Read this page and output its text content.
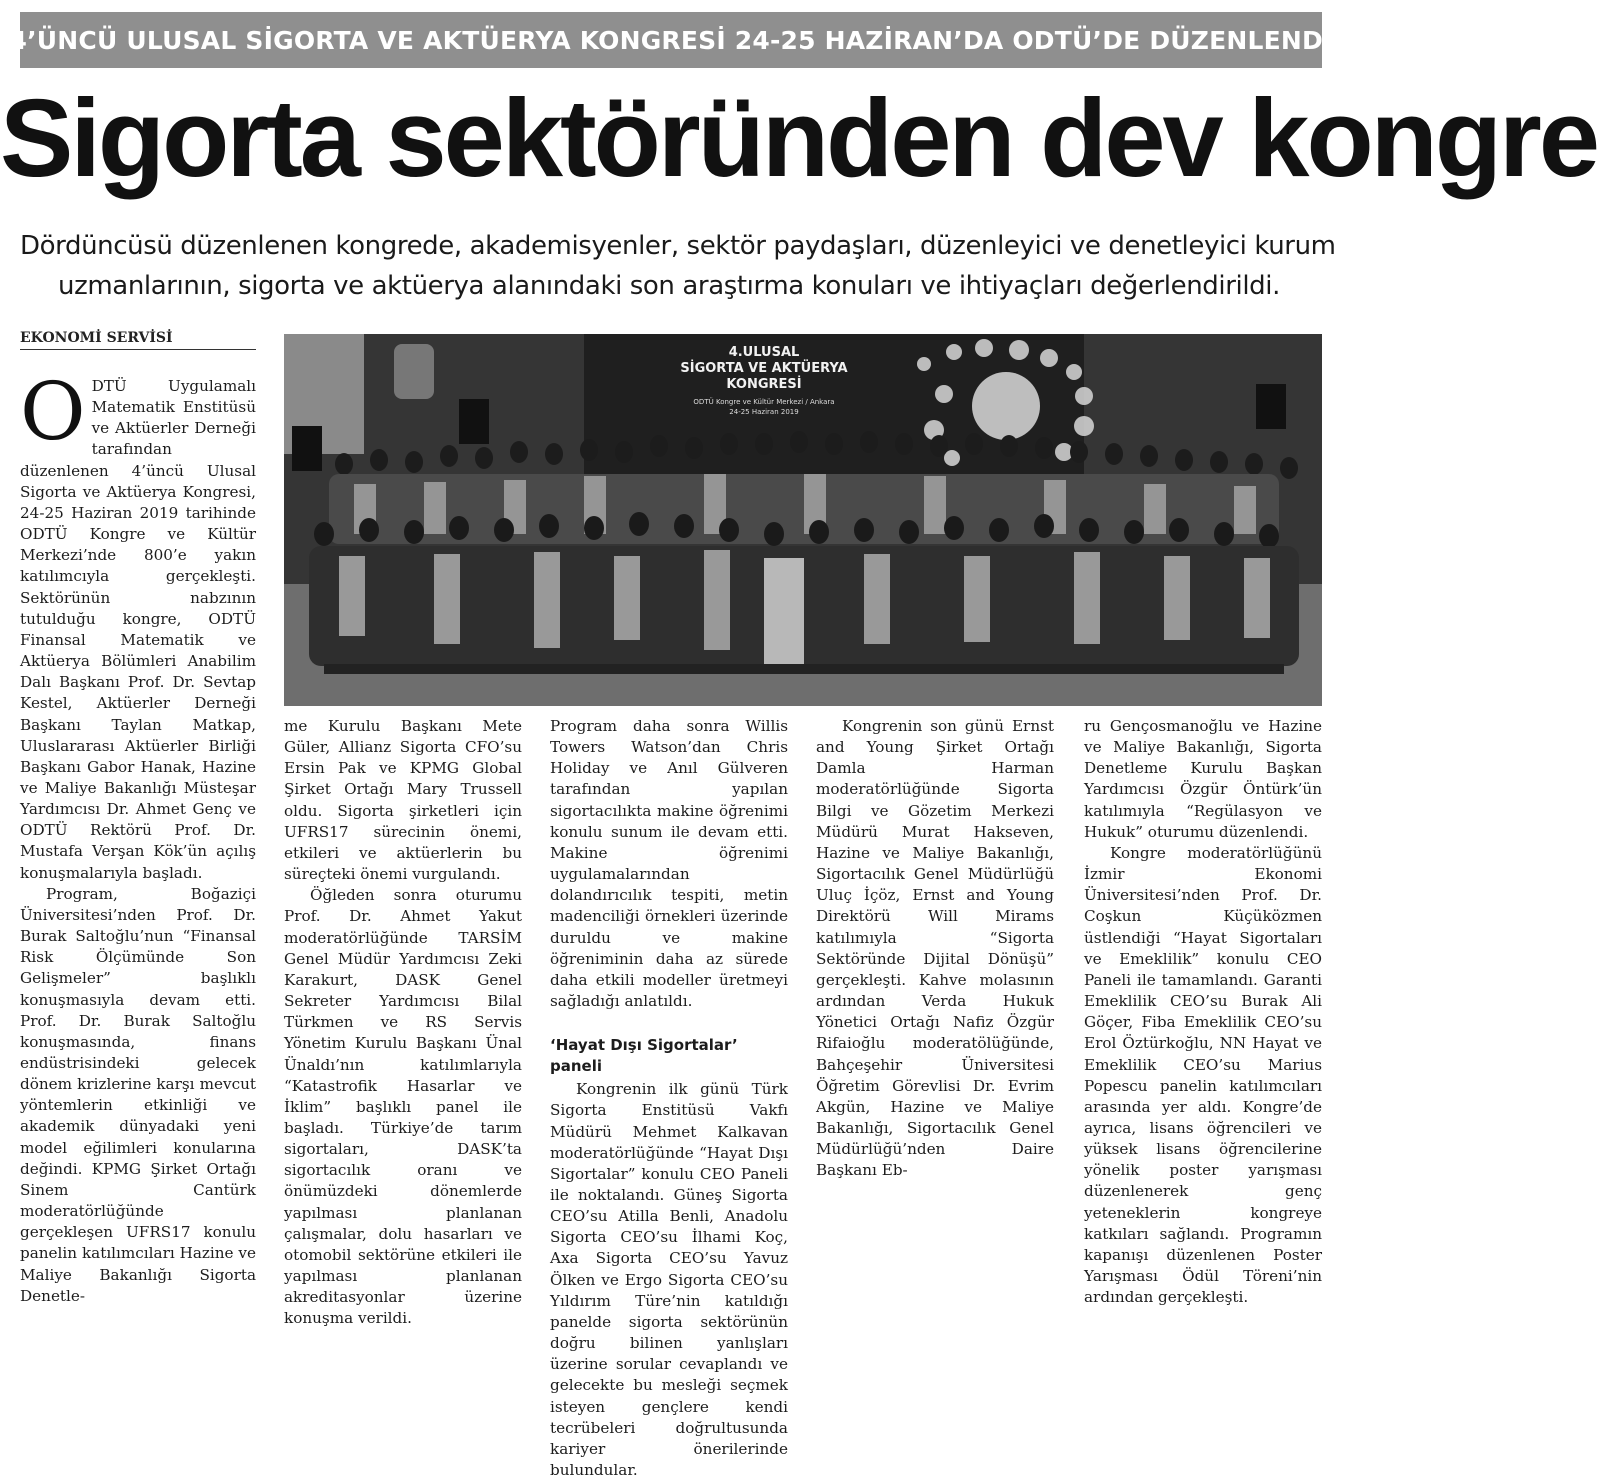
4’ÜNCÜ ULUSAL SİGORTA VE AKTÜERYA KONGRESİ 24-25 HAZİRAN’DA ODTÜ’DE DÜZENLENDİ
Sigorta sektöründen dev kongre
Dördüncüsü düzenlenen kongrede, akademisyenler, sektör paydaşları, düzenleyici ve denetleyici kurum
uzmanlarının, sigorta ve aktüerya alanındaki son araştırma konuları ve ihtiyaçları değerlendirildi.
EKONOMİ SERVİSİ
4.ULUSAL
SİGORTA VE AKTÜERYA
KONGRESİ
ODTÜ Kongre ve Kültür Merkezi / Ankara
24-25 Haziran 2019
O DTÜ Uygulamalı Matematik Enstitüsü ve Aktüerler Derneği tarafından düzenlenen 4’üncü Ulusal Sigorta ve Aktüerya Kongresi, 24-25 Haziran 2019 tarihinde ODTÜ Kongre ve Kültür Merkezi’nde 800’e yakın katılımcıyla gerçekleşti. Sektörünün nabzının tutulduğu kongre, ODTÜ Finansal Matematik ve Aktüerya Bölümleri Anabilim Dalı Başkanı Prof. Dr. Sevtap Kestel, Aktüerler Derneği Başkanı Taylan Matkap, Uluslararası Aktüerler Birliği Başkanı Gabor Hanak, Hazine ve Maliye Bakanlığı Müsteşar Yardımcısı Dr. Ahmet Genç ve ODTÜ Rektörü Prof. Dr. Mustafa Verşan Kök’ün açılış konuşmalarıyla başladı.

Program, Boğaziçi Üniversitesi’nden Prof. Dr. Burak Saltoğlu’nun “Finansal Risk Ölçümünde Son Gelişmeler” başlıklı konuşmasıyla devam etti. Prof. Dr. Burak Saltoğlu konuşmasında, finans endüstrisindeki gelecek dönem krizlerine karşı mevcut yöntemlerin etkinliği ve akademik dünyadaki yeni model eğilimleri konularına değindi. KPMG Şirket Ortağı Sinem Cantürk moderatörlüğünde gerçekleşen UFRS17 konulu panelin katılımcıları Hazine ve Maliye Bakanlığı Sigorta Denetle-

me Kurulu Başkanı Mete Güler, Allianz Sigorta CFO’su Ersin Pak ve KPMG Global Şirket Ortağı Mary Trussell oldu. Sigorta şirketleri için UFRS17 sürecinin önemi, etkileri ve aktüerlerin bu süreçteki önemi vurgulandı.

Öğleden sonra oturumu Prof. Dr. Ahmet Yakut moderatörlüğünde TARSİM Genel Müdür Yardımcısı Zeki Karakurt, DASK Genel Sekreter Yardımcısı Bilal Türkmen ve RS Servis Yönetim Kurulu Başkanı Ünal Ünaldı’nın katılımlarıyla “Katastrofik Hasarlar ve İklim” başlıklı panel ile başladı. Türkiye’de tarım sigortaları, DASK’ta sigortacılık oranı ve önümüzdeki dönemlerde yapılması planlanan çalışmalar, dolu hasarları ve otomobil sektörüne etkileri ile yapılması planlanan akreditasyonlar üzerine konuşma verildi.

Program daha sonra Willis Towers Watson’dan Chris Holiday ve Anıl Gülveren tarafından yapılan sigortacılıkta makine öğrenimi konulu sunum ile devam etti. Makine öğrenimi uygulamalarından dolandırıcılık tespiti, metin madenciliği örnekleri üzerinde duruldu ve makine öğreniminin daha az sürede daha etkili modeller üretmeyi sağladığı anlatıldı.

‘Hayat Dışı Sigortalar’ paneli

Kongrenin ilk günü Türk Sigorta Enstitüsü Vakfı Müdürü Mehmet Kalkavan moderatörlüğünde “Hayat Dışı Sigortalar” konulu CEO Paneli ile noktalandı. Güneş Sigorta CEO’su Atilla Benli, Anadolu Sigorta CEO’su İlhami Koç, Axa Sigorta CEO’su Yavuz Ölken ve Ergo Sigorta CEO’su Yıldırım Türe’nin katıldığı panelde sigorta sektörünün doğru bilinen yanlışları üzerine sorular cevaplandı ve gelecekte bu mesleği seçmek isteyen gençlere kendi tecrübeleri doğrultusunda kariyer önerilerinde bulundular.

Kongrenin son günü Ernst and Young Şirket Ortağı Damla Harman moderatörlüğünde Sigorta Bilgi ve Gözetim Merkezi Müdürü Murat Hakseven, Hazine ve Maliye Bakanlığı, Sigortacılık Genel Müdürlüğü Uluç İçöz, Ernst and Young Direktörü Will Mirams katılımıyla “Sigorta Sektöründe Dijital Dönüşü” gerçekleşti. Kahve molasının ardından Verda Hukuk Yönetici Ortağı Nafiz Özgür Rifaioğlu moderatölüğünde, Bahçeşehir Üniversitesi Öğretim Görevlisi Dr. Evrim Akgün, Hazine ve Maliye Bakanlığı, Sigortacılık Genel Müdürlüğü’nden Daire Başkanı Eb-

ru Gençosmanoğlu ve Hazine ve Maliye Bakanlığı, Sigorta Denetleme Kurulu Başkan Yardımcısı Özgür Öntürk’ün katılımıyla “Regülasyon ve Hukuk” oturumu düzenlendi.

Kongre moderatörlüğünü İzmir Ekonomi Üniversitesi’nden Prof. Dr. Coşkun Küçüközmen üstlendiği “Hayat Sigortaları ve Emeklilik” konulu CEO Paneli ile tamamlandı. Garanti Emeklilik CEO’su Burak Ali Göçer, Fiba Emeklilik CEO’su Erol Öztürkoğlu, NN Hayat ve Emeklilik CEO’su Marius Popescu panelin katılımcıları arasında yer aldı. Kongre’de ayrıca, lisans öğrencileri ve yüksek lisans öğrencilerine yönelik poster yarışması düzenlenerek genç yeteneklerin kongreye katkıları sağlandı. Programın kapanışı düzenlenen Poster Yarışması Ödül Töreni’nin ardından gerçekleşti.
